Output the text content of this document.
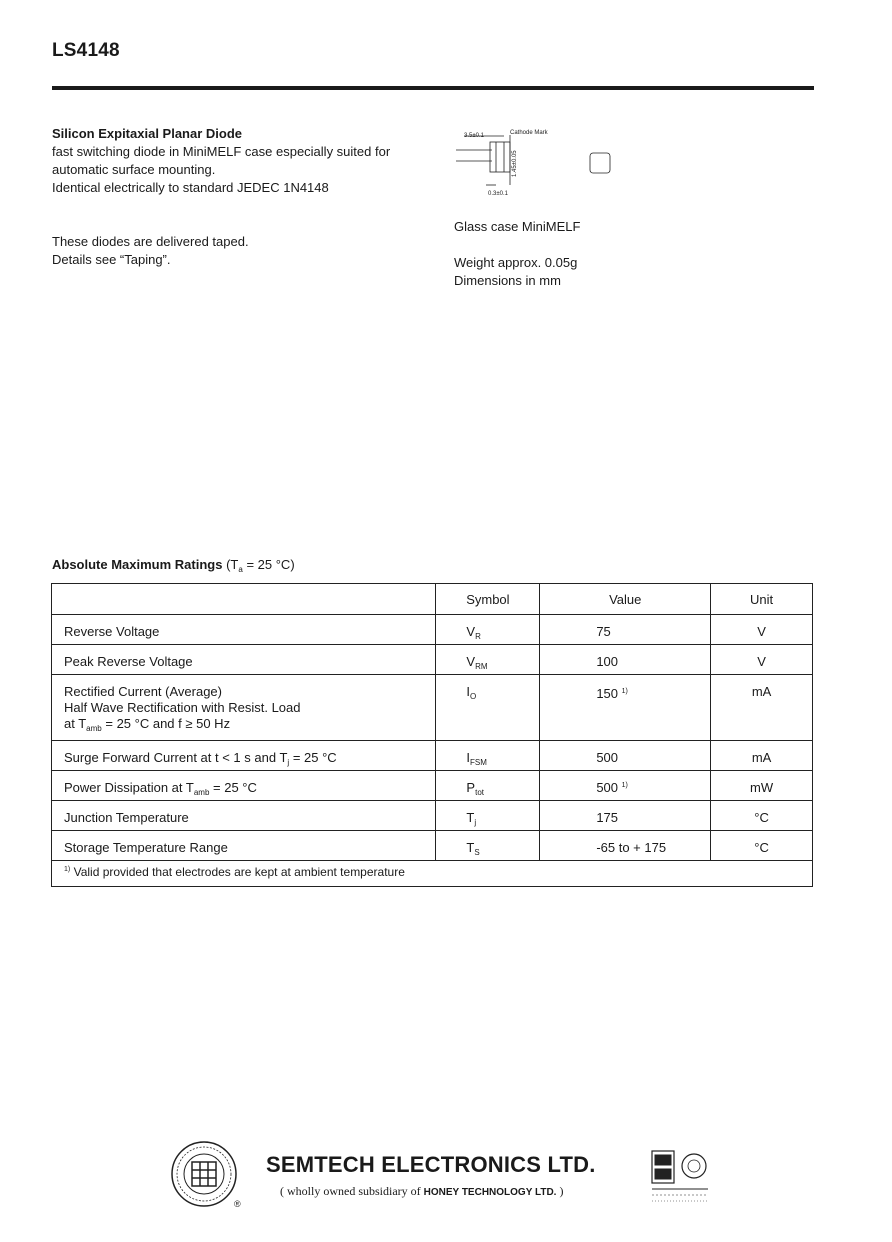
LS4148
Silicon Expitaxial Planar Diode
fast switching diode in MiniMELF case especially suited for
automatic surface mounting.
Identical electrically to standard JEDEC 1N4148
These diodes are delivered taped.
Details see “Taping”.
3.5±0.1	Cathode Mark
1.45±0.05
0.3±0.1
Glass case MiniMELF
Weight approx. 0.05g
Dimensions in mm
Absolute Maximum Ratings ($T_a = 25$ °C)
	Symbol	Value	Unit
Reverse Voltage	$V_R$	75	V
Peak Reverse Voltage	$V_{RM}$	100	V

Rectified Current (Average)
Half Wave Rectification with Resist. Load
at $T_{amb} = 25$ °C and f ≥ 50 Hz	$I_O$	150 $^{1)}$	mA
Surge Forward Current at t < 1 s and $T_j = 25$ °C	$I_{FSM}$	500	mA
Power Dissipation at $T_{amb} = 25$ °C	$P_{tot}$	500 $^{1)}$	mW
Junction Temperature	$T_j$	175	°C
Storage Temperature Range	$T_S$	-65 to + 175	°C
$^{1)}$ Valid provided that electrodes are kept at ambient temperature			
®
SEMTECH ELECTRONICS LTD.
( wholly owned subsidiary of HONEY TECHNOLOGY LTD. )
